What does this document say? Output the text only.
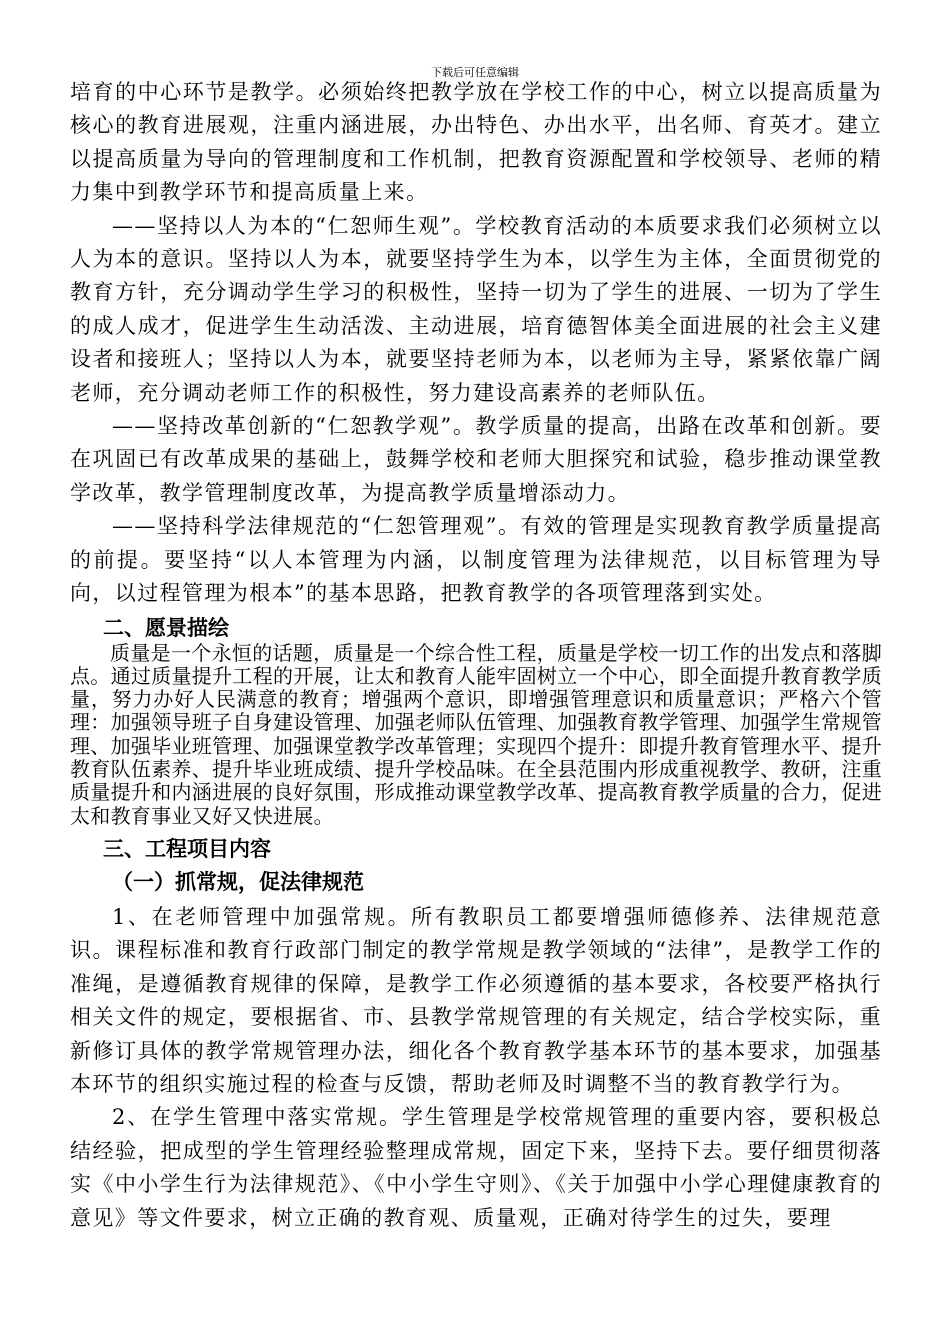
下载后可任意编辑

培育的中心环节是教学。必须始终把教学放在学校工作的中心，树立以提高质量为核心的教育进展观，注重内涵进展，办出特色、办出水平，出名师、育英才。建立以提高质量为导向的管理制度和工作机制，把教育资源配置和学校领导、老师的精力集中到教学环节和提高质量上来。

——坚持以人为本的“仁恕师生观”。学校教育活动的本质要求我们必须树立以人为本的意识。坚持以人为本，就要坚持学生为本，以学生为主体，全面贯彻党的教育方针，充分调动学生学习的积极性，坚持一切为了学生的进展、一切为了学生的成人成才，促进学生生动活泼、主动进展，培育德智体美全面进展的社会主义建设者和接班人；坚持以人为本，就要坚持老师为本，以老师为主导，紧紧依靠广阔老师，充分调动老师工作的积极性，努力建设高素养的老师队伍。

——坚持改革创新的“仁恕教学观”。教学质量的提高，出路在改革和创新。要在巩固已有改革成果的基础上，鼓舞学校和老师大胆探究和试验，稳步推动课堂教学改革，教学管理制度改革，为提高教学质量增添动力。

——坚持科学法律规范的“仁恕管理观”。有效的管理是实现教育教学质量提高的前提。要坚持“以人本管理为内涵，以制度管理为法律规范，以目标管理为导向，以过程管理为根本”的基本思路，把教育教学的各项管理落到实处。

二、愿景描绘

质量是一个永恒的话题，质量是一个综合性工程，质量是学校一切工作的出发点和落脚点。通过质量提升工程的开展，让太和教育人能牢固树立一个中心，即全面提升教育教学质量，努力办好人民满意的教育；增强两个意识，即增强管理意识和质量意识；严格六个管理：加强领导班子自身建设管理、加强老师队伍管理、加强教育教学管理、加强学生常规管理、加强毕业班管理、加强课堂教学改革管理；实现四个提升：即提升教育管理水平、提升教育队伍素养、提升毕业班成绩、提升学校品味。在全县范围内形成重视教学、教研，注重质量提升和内涵进展的良好氛围，形成推动课堂教学改革、提高教育教学质量的合力，促进太和教育事业又好又快进展。

三、工程项目内容
（一）抓常规，促法律规范

1、在老师管理中加强常规。所有教职员工都要增强师德修养、法律规范意识。课程标准和教育行政部门制定的教学常规是教学领域的“法律”，是教学工作的准绳，是遵循教育规律的保障，是教学工作必须遵循的基本要求，各校要严格执行相关文件的规定，要根据省、市、县教学常规管理的有关规定，结合学校实际，重新修订具体的教学常规管理办法，细化各个教育教学基本环节的基本要求，加强基本环节的组织实施过程的检查与反馈，帮助老师及时调整不当的教育教学行为。

2、在学生管理中落实常规。学生管理是学校常规管理的重要内容，要积极总结经验，把成型的学生管理经验整理成常规，固定下来，坚持下去。要仔细贯彻落实《中小学生行为法律规范》、《中小学生守则》、《关于加强中小学心理健康教育的意见》等文件要求，树立正确的教育观、质量观，正确对待学生的过失，要理
